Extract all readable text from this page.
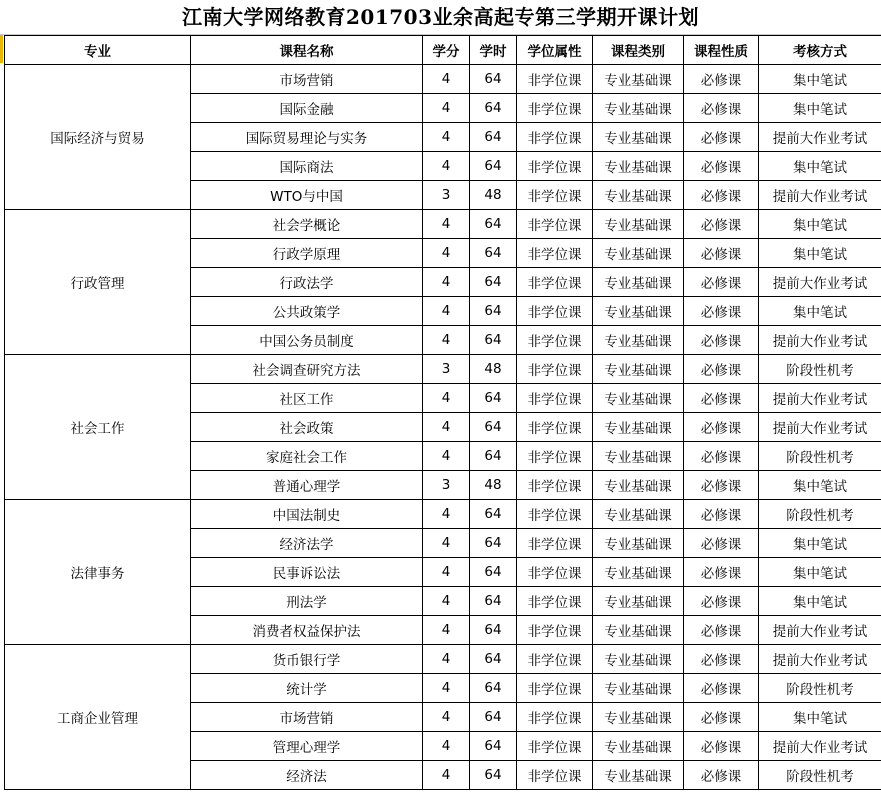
江南大学网络教育201703业余高起专第三学期开课计划
专业	课程名称	学分	学时	学位属性	课程类别	课程性质	考核方式
国际经济与贸易	市场营销	4	64	非学位课	专业基础课	必修课	集中笔试
	国际金融	4	64	非学位课	专业基础课	必修课	集中笔试
	国际贸易理论与实务	4	64	非学位课	专业基础课	必修课	提前大作业考试
	国际商法	4	64	非学位课	专业基础课	必修课	集中笔试
	WTO与中国	3	48	非学位课	专业基础课	必修课	提前大作业考试
行政管理	社会学概论	4	64	非学位课	专业基础课	必修课	集中笔试
	行政学原理	4	64	非学位课	专业基础课	必修课	集中笔试
	行政法学	4	64	非学位课	专业基础课	必修课	提前大作业考试
	公共政策学	4	64	非学位课	专业基础课	必修课	集中笔试
	中国公务员制度	4	64	非学位课	专业基础课	必修课	提前大作业考试
社会工作	社会调查研究方法	3	48	非学位课	专业基础课	必修课	阶段性机考
	社区工作	4	64	非学位课	专业基础课	必修课	提前大作业考试
	社会政策	4	64	非学位课	专业基础课	必修课	提前大作业考试
	家庭社会工作	4	64	非学位课	专业基础课	必修课	阶段性机考
	普通心理学	3	48	非学位课	专业基础课	必修课	集中笔试
法律事务	中国法制史	4	64	非学位课	专业基础课	必修课	阶段性机考
	经济法学	4	64	非学位课	专业基础课	必修课	集中笔试
	民事诉讼法	4	64	非学位课	专业基础课	必修课	集中笔试
	刑法学	4	64	非学位课	专业基础课	必修课	集中笔试
	消费者权益保护法	4	64	非学位课	专业基础课	必修课	提前大作业考试
工商企业管理	货币银行学	4	64	非学位课	专业基础课	必修课	提前大作业考试
	统计学	4	64	非学位课	专业基础课	必修课	阶段性机考
	市场营销	4	64	非学位课	专业基础课	必修课	集中笔试
	管理心理学	4	64	非学位课	专业基础课	必修课	提前大作业考试
	经济法	4	64	非学位课	专业基础课	必修课	阶段性机考
